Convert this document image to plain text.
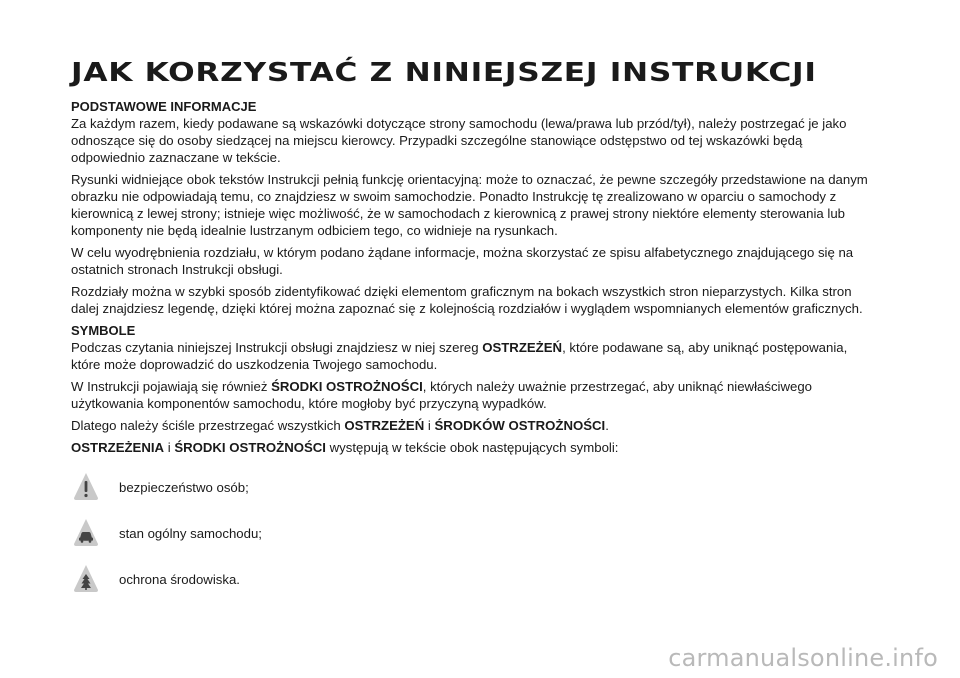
JAK KORZYSTAĆ Z NINIEJSZEJ INSTRUKCJI
PODSTAWOWE INFORMACJE

Za każdym razem, kiedy podawane są wskazówki dotyczące strony samochodu (lewa/prawa lub przód/tył), należy postrzegać je jako odnoszące się do osoby siedzącej na miejscu kierowcy. Przypadki szczególne stanowiące odstępstwo od tej wskazówki będą odpowiednio zaznaczane w tekście.

Rysunki widniejące obok tekstów Instrukcji pełnią funkcję orientacyjną: może to oznaczać, że pewne szczegóły przedstawione na danym obrazku nie odpowiadają temu, co znajdziesz w swoim samochodzie. Ponadto Instrukcję tę zrealizowano w oparciu o samochody z kierownicą z lewej strony; istnieje więc możliwość, że w samochodach z kierownicą z prawej strony niektóre elementy sterowania lub komponenty nie będą idealnie lustrzanym odbiciem tego, co widnieje na rysunkach.

W celu wyodrębnienia rozdziału, w którym podano żądane informacje, można skorzystać ze spisu alfabetycznego znajdującego się na ostatnich stronach Instrukcji obsługi.

Rozdziały można w szybki sposób zidentyfikować dzięki elementom graficznym na bokach wszystkich stron nieparzystych. Kilka stron dalej znajdziesz legendę, dzięki której można zapoznać się z kolejnością rozdziałów i wyglądem wspomnianych elementów graficznych.

SYMBOLE

Podczas czytania niniejszej Instrukcji obsługi znajdziesz w niej szereg OSTRZEŻEŃ, które podawane są, aby uniknąć postępowania, które może doprowadzić do uszkodzenia Twojego samochodu.

W Instrukcji pojawiają się również ŚRODKI OSTROŻNOŚCI, których należy uważnie przestrzegać, aby uniknąć niewłaściwego użytkowania komponentów samochodu, które mogłoby być przyczyną wypadków.

Dlatego należy ściśle przestrzegać wszystkich OSTRZEŻEŃ i ŚRODKÓW OSTROŻNOŚCI.

OSTRZEŻENIA i ŚRODKI OSTROŻNOŚCI występują w tekście obok następujących symboli:

bezpieczeństwo osób;
stan ogólny samochodu;
ochrona środowiska.
carmanualsonline.info
